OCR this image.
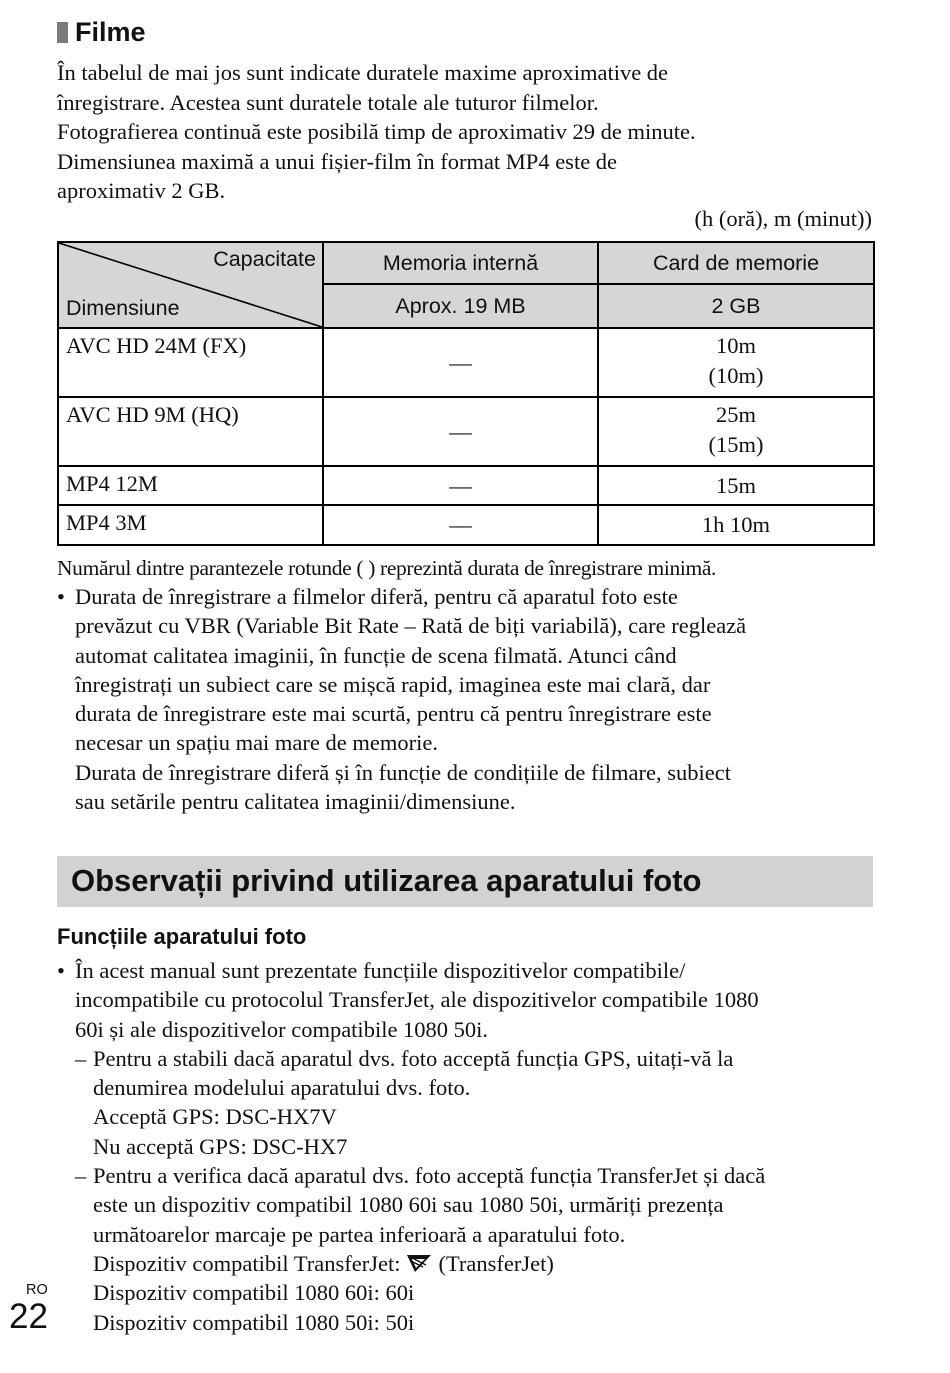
Filme
În tabelul de mai jos sunt indicate duratele maxime aproximative de
înregistrare. Acestea sunt duratele totale ale tuturor filmelor.
Fotografierea continuă este posibilă timp de aproximativ 29 de minute.
Dimensiunea maximă a unui fișier-film în format MP4 este de
aproximativ 2 GB.
(h (oră), m (minut))
Capacitate
Dimensiune	Memoria internă	Card de memorie
	Aprox. 19 MB	2 GB
AVC HD 24M (FX)	—	10m
(10m)

AVC HD 9M (HQ)	—	25m
(15m)

MP4 12M	—	15m
MP4 3M	—	1h 10m
Numărul dintre parantezele rotunde ( ) reprezintă durata de înregistrare minimă.
• Durata de înregistrare a filmelor diferă, pentru că aparatul foto este
prevăzut cu VBR (Variable Bit Rate – Rată de biți variabilă), care reglează
automat calitatea imaginii, în funcție de scena filmată. Atunci când
înregistrați un subiect care se mișcă rapid, imaginea este mai clară, dar
durata de înregistrare este mai scurtă, pentru că pentru înregistrare este
necesar un spațiu mai mare de memorie.
Durata de înregistrare diferă și în funcție de condițiile de filmare, subiect
sau setările pentru calitatea imaginii/dimensiune.
Observații privind utilizarea aparatului foto
Funcțiile aparatului foto
• În acest manual sunt prezentate funcțiile dispozitivelor compatibile/
incompatibile cu protocolul TransferJet, ale dispozitivelor compatibile 1080
60i și ale dispozitivelor compatibile 1080 50i.
– Pentru a stabili dacă aparatul dvs. foto acceptă funcția GPS, uitați-vă la
denumirea modelului aparatului dvs. foto.
Acceptă GPS: DSC-HX7V
Nu acceptă GPS: DSC-HX7
– Pentru a verifica dacă aparatul dvs. foto acceptă funcția TransferJet și dacă
este un dispozitiv compatibil 1080 60i sau 1080 50i, urmăriți prezența
următoarelor marcaje pe partea inferioară a aparatului foto.
Dispozitiv compatibil TransferJet: (TransferJet)
Dispozitiv compatibil 1080 60i: 60i
Dispozitiv compatibil 1080 50i: 50i
RO
22
